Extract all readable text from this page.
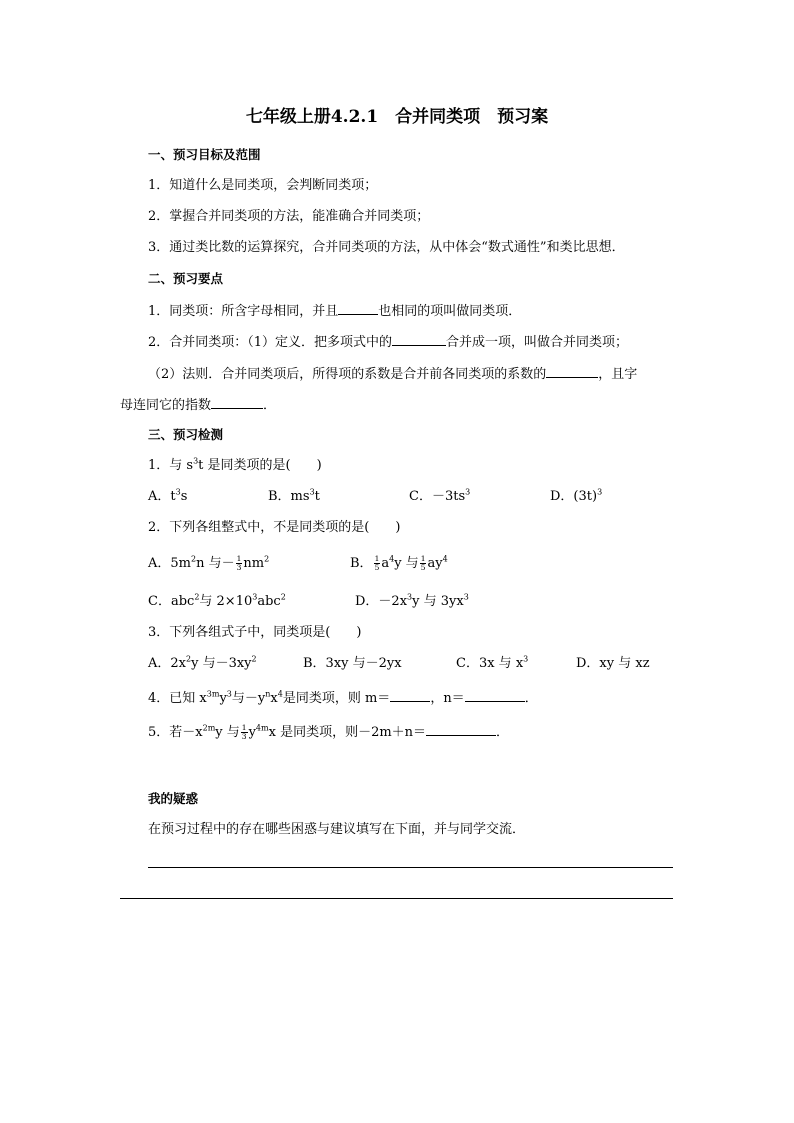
七年级上册4.2.1　合并同类项　预习案
一、预习目标及范围
1．知道什么是同类项，会判断同类项；
2．掌握合并同类项的方法，能准确合并同类项；
3．通过类比数的运算探究，合并同类项的方法，从中体会“数式通性”和类比思想．
二、预习要点
1．同类项：所含字母相同，并且	也相同的项叫做同类项．
2．合并同类项：（1）定义．把多项式中的	合并成一项，叫做合并同类项；
（2）法则．合并同类项后，所得项的系数是合并前各同类项的系数的	，且字
母连同它的指数	．
三、预习检测
1．与 $s^3t$ 是同类项的是(　　)
A．$t^3s$	B．$ms^3t$	C．$-3ts^3$	D．$(3t)^3$
2．下列各组整式中，不是同类项的是(　　)
A．$5m^2n$ 与－ $\frac{1}{3} nm^2$	B． $\frac{1}{5} a^4y$ 与 $\frac{1}{5} ay^4$
C．abc$^2$与 $2\times 10^3abc^2$	D．$-2x^3y$ 与 $3yx^3$
3．下列各组式子中，同类项是(　　)
A．$2x^2y$ 与$-3xy^2$	B．3xy 与－2yx	C．3x 与 $x^3$	D．xy 与 xz
4．已知 $x^{3m}y^3$与$-y^nx^4$是同类项，则 m＝	，n＝	．
5．若$-x^{2m}y$ 与 $\frac{1}{3} y^{4m}x$ 是同类项，则－2m＋n＝	．
我的疑惑
在预习过程中的存在哪些困惑与建议填写在下面，并与同学交流．
